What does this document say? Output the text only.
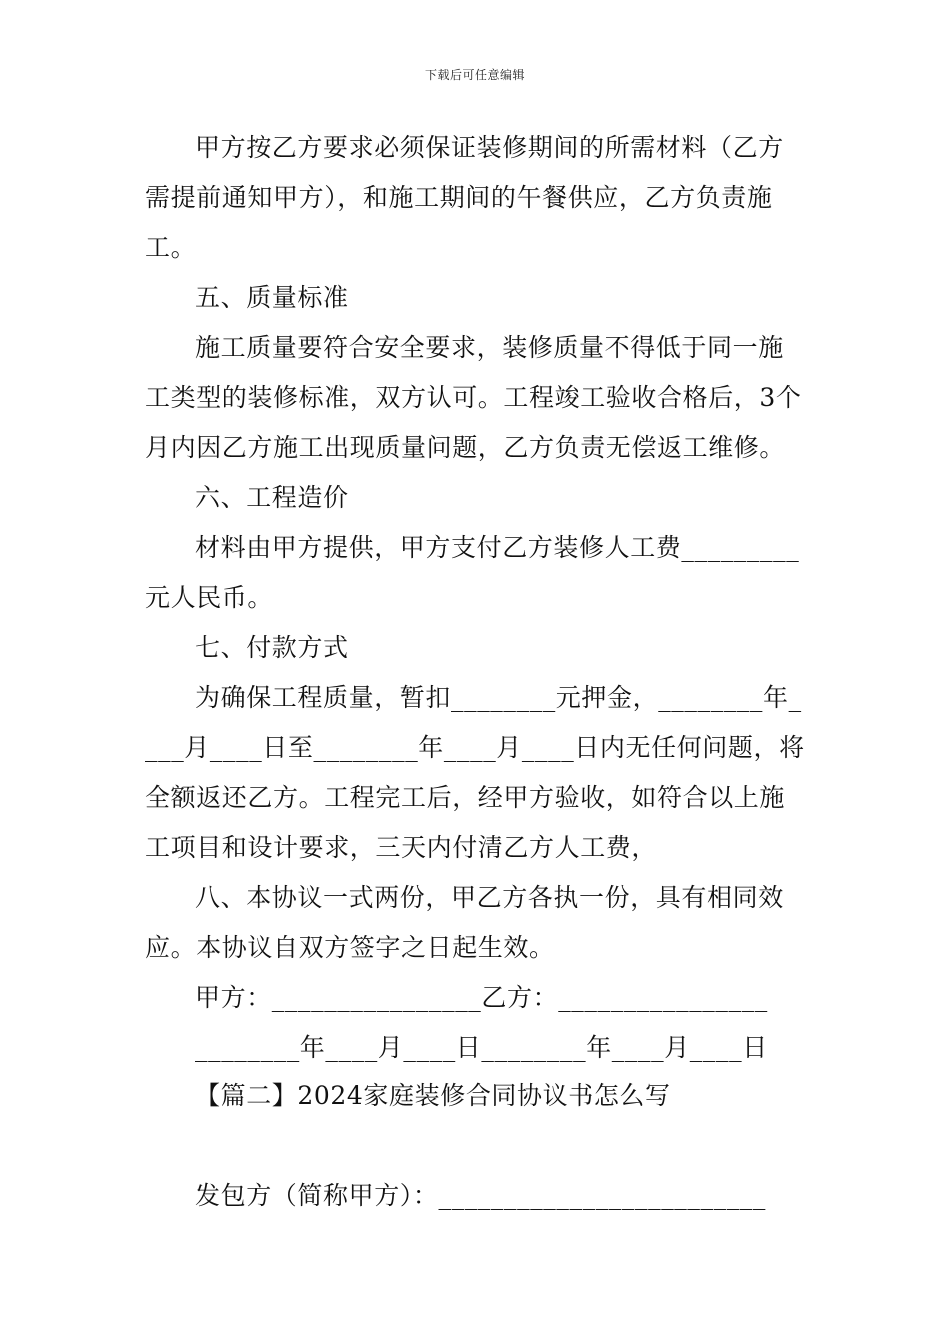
下载后可任意编辑
甲方按乙方要求必须保证装修期间的所需材料（乙方
需提前通知甲方），和施工期间的午餐供应，乙方负责施
工。
五、质量标准
施工质量要符合安全要求，装修质量不得低于同一施
工类型的装修标准，双方认可。工程竣工验收合格后，3个
月内因乙方施工出现质量问题，乙方负责无偿返工维修。
六、工程造价
材料由甲方提供，甲方支付乙方装修人工费_________
元人民币。
七、付款方式
为确保工程质量，暂扣________元押金，________年_
___月____日至________年____月____日内无任何问题，将
全额返还乙方。工程完工后，经甲方验收，如符合以上施
工项目和设计要求，三天内付清乙方人工费，
八、本协议一式两份，甲乙方各执一份，具有相同效
应。本协议自双方签字之日起生效。
甲方：________________乙方：________________
________年____月____日________年____月____日
【篇二】2024家庭装修合同协议书怎么写
发包方（简称甲方）：_________________________
